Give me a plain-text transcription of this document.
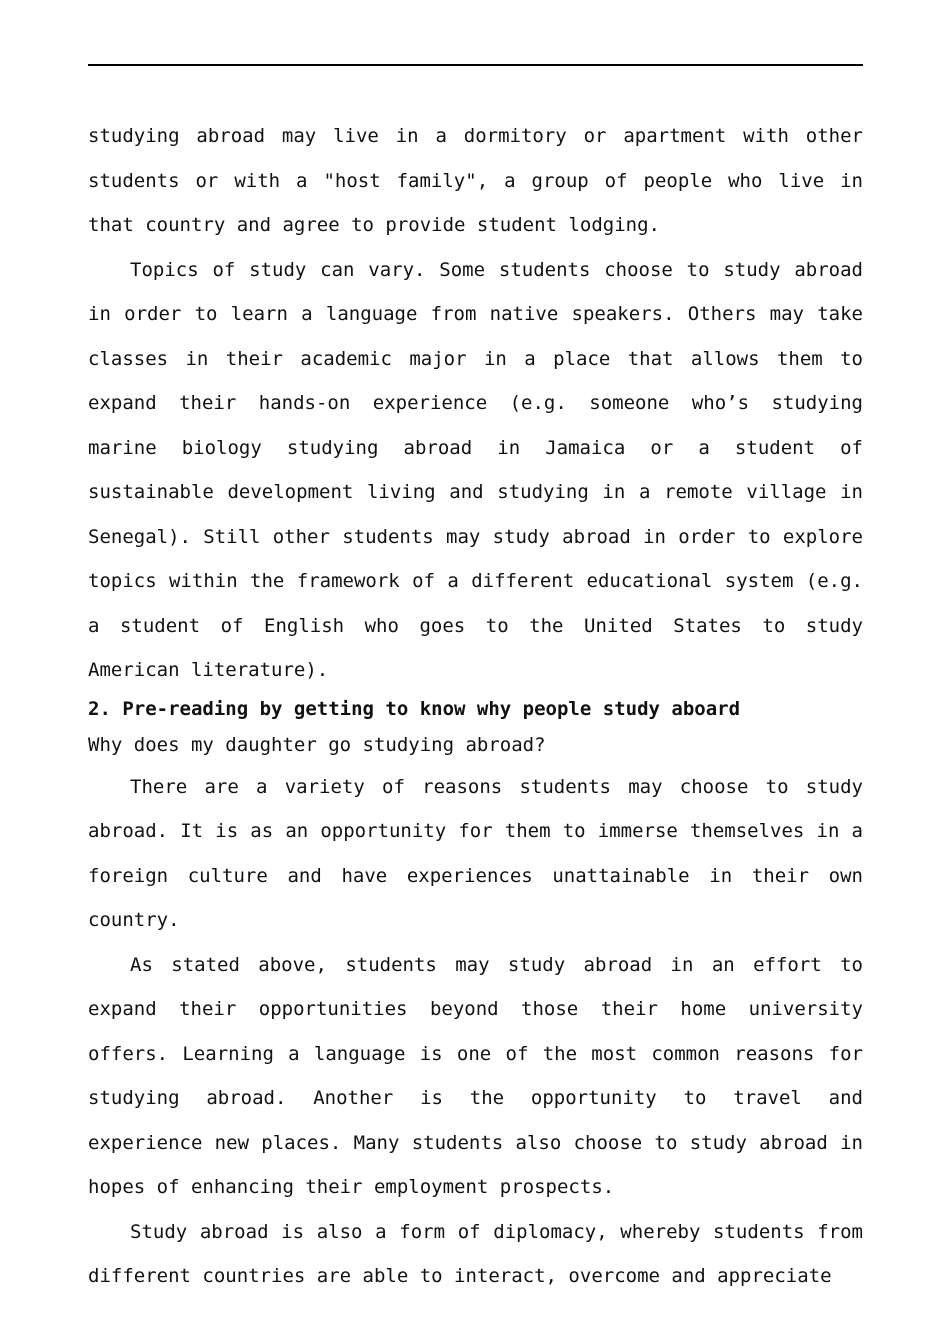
studying abroad may live in a dormitory or apartment with other students or with a "host family", a group of people who live in that country and agree to provide student lodging.

Topics of study can vary. Some students choose to study abroad in order to learn a language from native speakers. Others may take classes in their academic major in a place that allows them to expand their hands-on experience (e.g. someone who’s studying marine biology studying abroad in Jamaica or a student of sustainable development living and studying in a remote village in Senegal). Still other students may study abroad in order to explore topics within the framework of a different educational system (e.g. a student of English who goes to the United States to study American literature).

2. Pre-reading by getting to know why people study aboard

Why does my daughter go studying abroad?

There are a variety of reasons students may choose to study abroad. It is as an opportunity for them to immerse themselves in a foreign culture and have experiences unattainable in their own country.

As stated above, students may study abroad in an effort to expand their opportunities beyond those their home university offers. Learning a language is one of the most common reasons for studying abroad. Another is the opportunity to travel and experience new places. Many students also choose to study abroad in hopes of enhancing their employment prospects.

Study abroad is also a form of diplomacy, whereby students from different countries are able to interact, overcome and appreciate
